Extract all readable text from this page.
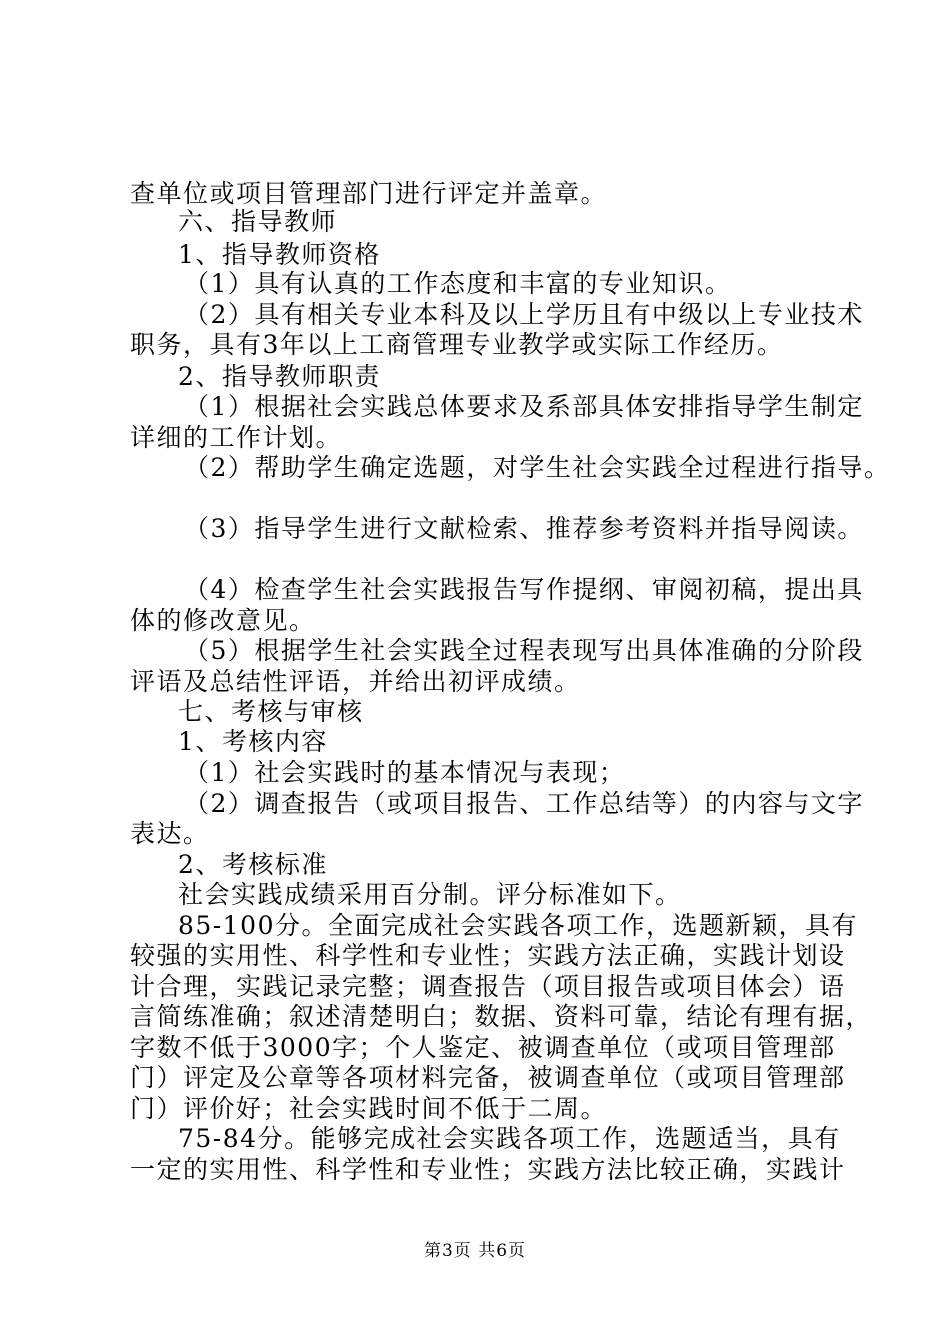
查单位或项目管理部门进行评定并盖章。
六、指导教师
1、指导教师资格
（1）具有认真的工作态度和丰富的专业知识。
（2）具有相关专业本科及以上学历且有中级以上专业技术
职务，具有3年以上工商管理专业教学或实际工作经历。
2、指导教师职责
（1）根据社会实践总体要求及系部具体安排指导学生制定
详细的工作计划。
（2）帮助学生确定选题，对学生社会实践全过程进行指导。
（3）指导学生进行文献检索、推荐参考资料并指导阅读。
（4）检查学生社会实践报告写作提纲、审阅初稿，提出具
体的修改意见。
（5）根据学生社会实践全过程表现写出具体准确的分阶段
评语及总结性评语，并给出初评成绩。
七、考核与审核
1、考核内容
（1）社会实践时的基本情况与表现；
（2）调查报告（或项目报告、工作总结等）的内容与文字
表达。
2、考核标准
社会实践成绩采用百分制。评分标准如下。
85-100分。全面完成社会实践各项工作，选题新颖，具有
较强的实用性、科学性和专业性；实践方法正确，实践计划设
计合理，实践记录完整；调查报告（项目报告或项目体会）语
言简练准确；叙述清楚明白；数据、资料可靠，结论有理有据，
字数不低于3000字；个人鉴定、被调查单位（或项目管理部
门）评定及公章等各项材料完备，被调查单位（或项目管理部
门）评价好；社会实践时间不低于二周。
75-84分。能够完成社会实践各项工作，选题适当，具有
一定的实用性、科学性和专业性；实践方法比较正确，实践计
第3页 共6页
